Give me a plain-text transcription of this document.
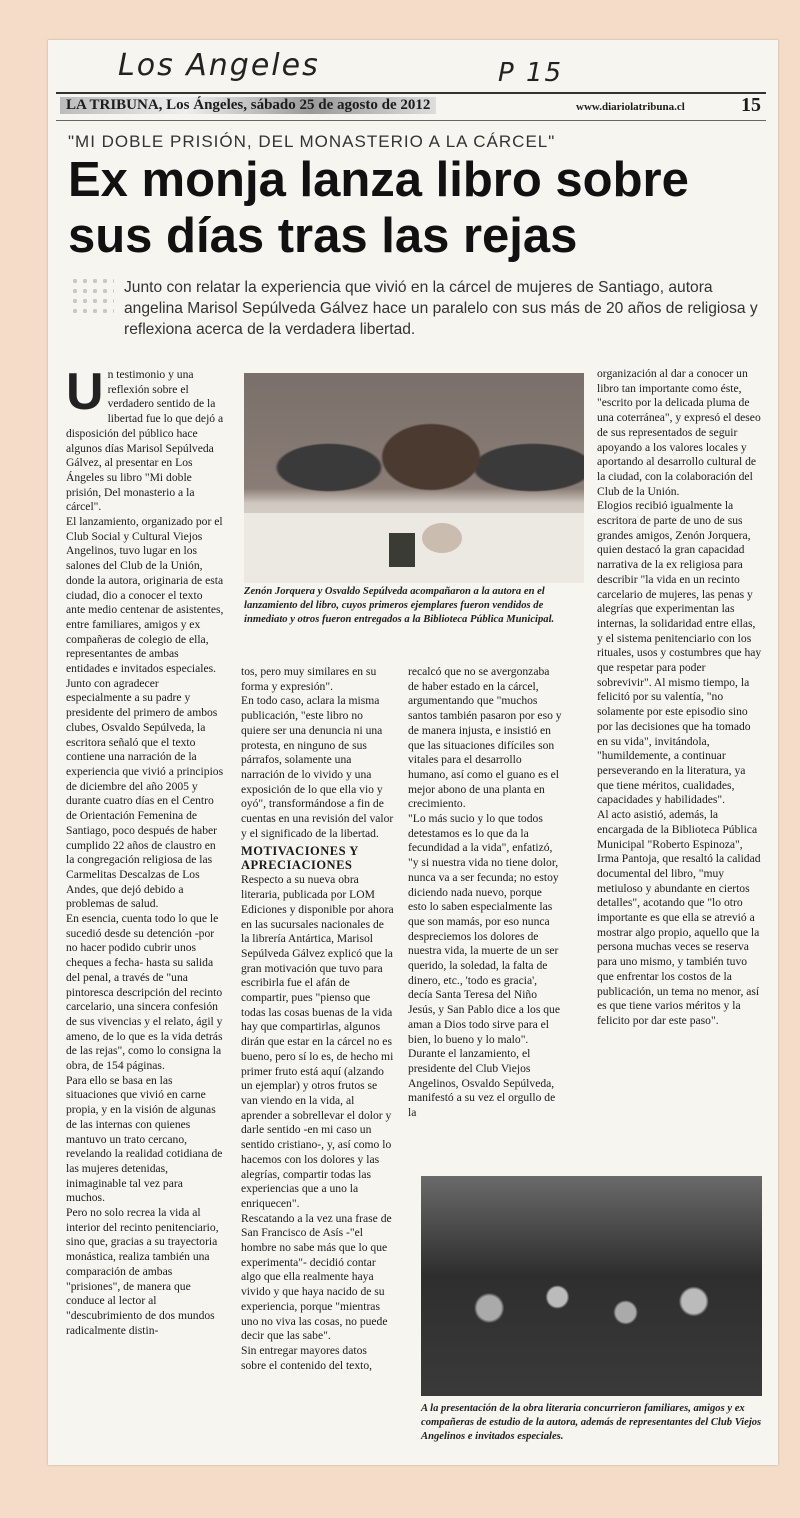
Los Angeles	P 15
LA TRIBUNA, Los Ángeles, sábado 25 de agosto de 2012	www.diariolatribuna.cl	15
"MI DOBLE PRISIÓN, DEL MONASTERIO A LA CÁRCEL"
Ex monja lanza libro sobre sus días tras las rejas
Junto con relatar la experiencia que vivió en la cárcel de mujeres de Santiago, autora angelina Marisol Sepúlveda Gálvez hace un paralelo con sus más de 20 años de religiosa y reflexiona acerca de la verdadera libertad.

Un testimonio y una reflexión sobre el verdadero sentido de la libertad fue lo que dejó a disposición del público hace algunos días Marisol Sepúlveda Gálvez, al presentar en Los Ángeles su libro "Mi doble prisión, Del monasterio a la cárcel".

El lanzamiento, organizado por el Club Social y Cultural Viejos Angelinos, tuvo lugar en los salones del Club de la Unión, donde la autora, originaria de esta ciudad, dio a conocer el texto ante medio centenar de asistentes, entre familiares, amigos y ex compañeras de colegio de ella, representantes de ambas entidades e invitados especiales.

Junto con agradecer especialmente a su padre y presidente del primero de ambos clubes, Osvaldo Sepúlveda, la escritora señaló que el texto contiene una narración de la experiencia que vivió a principios de diciembre del año 2005 y durante cuatro días en el Centro de Orientación Femenina de Santiago, poco después de haber cumplido 22 años de claustro en la congregación religiosa de las Carmelitas Descalzas de Los Andes, que dejó debido a problemas de salud.

En esencia, cuenta todo lo que le sucedió desde su detención -por no hacer podido cubrir unos cheques a fecha- hasta su salida del penal, a través de "una pintoresca descripción del recinto carcelario, una sincera confesión de sus vivencias y el relato, ágil y ameno, de lo que es la vida detrás de las rejas", como lo consigna la obra, de 154 páginas.

Para ello se basa en las situaciones que vivió en carne propia, y en la visión de algunas de las internas con quienes mantuvo un trato cercano, revelando la realidad cotidiana de las mujeres detenidas, inimaginable tal vez para muchos.

Pero no solo recrea la vida al interior del recinto penitenciario, sino que, gracias a su trayectoria monástica, realiza también una comparación de ambas "prisiones", de manera que conduce al lector al "descubrimiento de dos mundos radicalmente distin-

Zenón Jorquera y Osvaldo Sepúlveda acompañaron a la autora en el lanzamiento del libro, cuyos primeros ejemplares fueron vendidos de inmediato y otros fueron entregados a la Biblioteca Pública Municipal.

tos, pero muy similares en su forma y expresión".

En todo caso, aclara la misma publicación, "este libro no quiere ser una denuncia ni una protesta, en ninguno de sus párrafos, solamente una narración de lo vivido y una exposición de lo que ella vio y oyó", transformándose a fin de cuentas en una revisión del valor y el significado de la libertad.

MOTIVACIONES Y APRECIACIONES

Respecto a su nueva obra literaria, publicada por LOM Ediciones y disponible por ahora en las sucursales nacionales de la librería Antártica, Marisol Sepúlveda Gálvez explicó que la gran motivación que tuvo para escribirla fue el afán de compartir, pues "pienso que todas las cosas buenas de la vida hay que compartirlas, algunos dirán que estar en la cárcel no es bueno, pero sí lo es, de hecho mi primer fruto está aquí (alzando un ejemplar) y otros frutos se van viendo en la vida, al aprender a sobrellevar el dolor y darle sentido -en mi caso un sentido cristiano-, y, así como lo hacemos con los dolores y las alegrías, compartir todas las experiencias que a uno la enriquecen".

Rescatando a la vez una frase de San Francisco de Asís -"el hombre no sabe más que lo que experimenta"- decidió contar algo que ella realmente haya vivido y que haya nacido de su experiencia, porque "mientras uno no viva las cosas, no puede decir que las sabe".

Sin entregar mayores datos sobre el contenido del texto,

recalcó que no se avergonzaba de haber estado en la cárcel, argumentando que "muchos santos también pasaron por eso y de manera injusta, e insistió en que las situaciones difíciles son vitales para el desarrollo humano, así como el guano es el mejor abono de una planta en crecimiento.

"Lo más sucio y lo que todos detestamos es lo que da la fecundidad a la vida", enfatizó, "y si nuestra vida no tiene dolor, nunca va a ser fecunda; no estoy diciendo nada nuevo, porque esto lo saben especialmente las que son mamás, por eso nunca despreciemos los dolores de nuestra vida, la muerte de un ser querido, la soledad, la falta de dinero, etc., 'todo es gracia', decía Santa Teresa del Niño Jesús, y San Pablo dice a los que aman a Dios todo sirve para el bien, lo bueno y lo malo". Durante el lanzamiento, el presidente del Club Viejos Angelinos, Osvaldo Sepúlveda, manifestó a su vez el orgullo de la

organización al dar a conocer un libro tan importante como éste, "escrito por la delicada pluma de una coterránea", y expresó el deseo de sus representados de seguir apoyando a los valores locales y aportando al desarrollo cultural de la ciudad, con la colaboración del Club de la Unión.

Elogios recibió igualmente la escritora de parte de uno de sus grandes amigos, Zenón Jorquera, quien destacó la gran capacidad narrativa de la ex religiosa para describir "la vida en un recinto carcelario de mujeres, las penas y alegrías que experimentan las internas, la solidaridad entre ellas, y el sistema penitenciario con los rituales, usos y costumbres que hay que respetar para poder sobrevivir". Al mismo tiempo, la felicitó por su valentía, "no solamente por este episodio sino por las decisiones que ha tomado en su vida", invitándola, "humildemente, a continuar perseverando en la literatura, ya que tiene méritos, cualidades, capacidades y habilidades".

Al acto asistió, además, la encargada de la Biblioteca Pública Municipal "Roberto Espinoza", Irma Pantoja, que resaltó la calidad documental del libro, "muy metiuloso y abundante en ciertos detalles", acotando que "lo otro importante es que ella se atrevió a mostrar algo propio, aquello que la persona muchas veces se reserva para uno mismo, y también tuvo que enfrentar los costos de la publicación, un tema no menor, así es que tiene varios méritos y la felicito por dar este paso".

A la presentación de la obra literaria concurrieron familiares, amigos y ex compañeras de estudio de la autora, además de representantes del Club Viejos Angelinos e invitados especiales.
